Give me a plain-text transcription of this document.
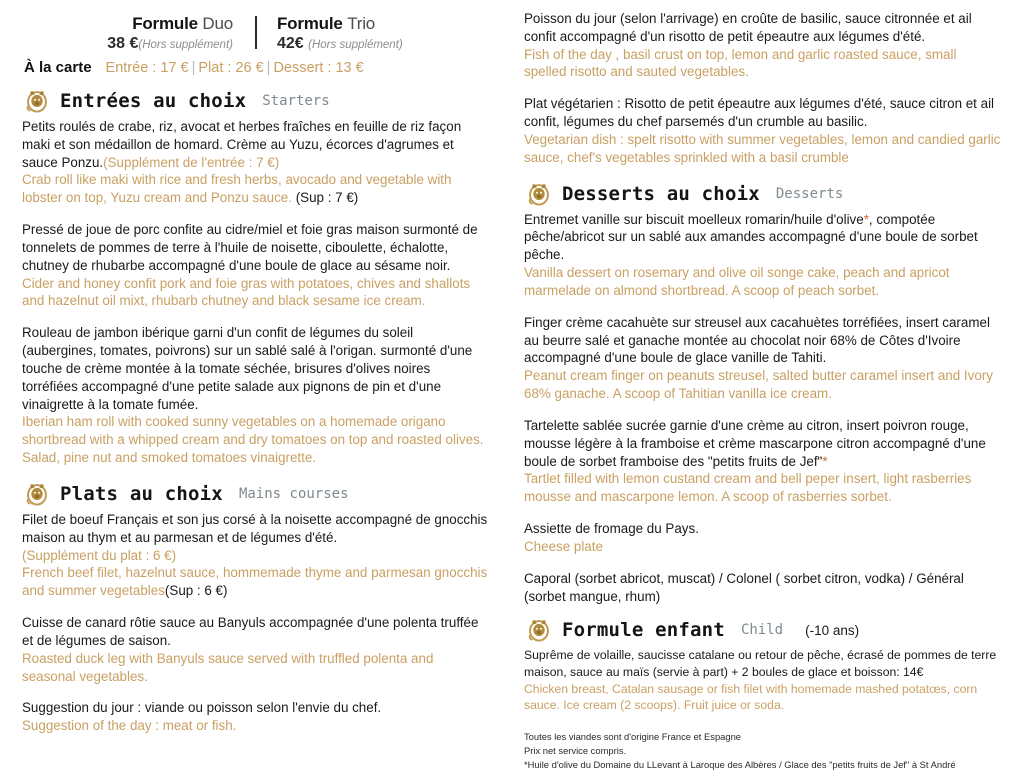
Formule Duo
38 €(Hors supplément)
Formule Trio
42€ (Hors supplément)
À la carte Entrée : 17 € | Plat : 26 € | Dessert : 13 €
Entrées au choix Starters

Petits roulés de crabe, riz, avocat et herbes fraîches en feuille de riz façon maki et son médaillon de homard. Crème au Yuzu, écorces d'agrumes et sauce Ponzu.(Supplément de l'entrée : 7 €)

Crab roll like maki with rice and fresh herbs, avocado and vegetable with lobster on top, Yuzu cream and Ponzu sauce. (Sup : 7 €)

Pressé de joue de porc confite au cidre/miel et foie gras maison surmonté de tonnelets de pommes de terre à l'huile de noisette, ciboulette, échalotte, chutney de rhubarbe accompagné d'une boule de glace au sésame noir.

Cider and honey confit pork and foie gras with potatoes, chives and shallots and hazelnut oil mixt, rhubarb chutney and black sesame ice cream.

Rouleau de jambon ibérique garni d'un confit de légumes du soleil (aubergines, tomates, poivrons) sur un sablé salé à l'origan. surmonté d'une touche de crème montée à la tomate séchée, brisures d'olives noires torréfiées accompagné d'une petite salade aux pignons de pin et d'une vinaigrette à la tomate fumée.

Iberian ham roll with cooked sunny vegetables on a homemade origano shortbread with a whipped cream and dry tomatoes on top and roasted olives. Salad, pine nut and smoked tomatoes vinaigrette.

Plats au choix Mains courses

Filet de boeuf Français et son jus corsé à la noisette accompagné de gnocchis maison au thym et au parmesan et de légumes d'été.
(Supplément du plat : 6 €)

French beef filet, hazelnut sauce, hommemade thyme and parmesan gnocchis and summer vegetables(Sup : 6 €)

Cuisse de canard rôtie sauce au Banyuls accompagnée d'une polenta truffée et de légumes de saison.

Roasted duck leg with Banyuls sauce served with truffled polenta and seasonal vegetables.

Suggestion du jour : viande ou poisson selon l'envie du chef.

Suggestion of the day : meat or fish.

Poisson du jour (selon l'arrivage) en croûte de basilic, sauce citronnée et ail confit accompagné d'un risotto de petit épeautre aux légumes d'été.

Fish of the day , basil crust on top, lemon and garlic roasted sauce, small spelled risotto and sauted vegetables.

Plat végétarien : Risotto de petit épeautre aux légumes d'été, sauce citron et ail confit, légumes du chef parsemés d'un crumble au basilic.

Vegetarian dish : spelt risotto with summer vegetables, lemon and candied garlic sauce, chef's vegetables sprinkled with a basil crumble

Desserts au choix Desserts

Entremet vanille sur biscuit moelleux romarin/huile d'olive*, compotée pêche/abricot sur un sablé aux amandes accompagné d'une boule de sorbet pêche.

Vanilla dessert on rosemary and olive oil songe cake, peach and apricot marmelade on almond shortbread. A scoop of peach sorbet.

Finger crème cacahuète sur streusel aux cacahuètes torréfiées, insert caramel au beurre salé et ganache montée au chocolat noir 68% de Côtes d'Ivoire accompagné d'une boule de glace vanille de Tahiti.

Peanut cream finger on peanuts streusel, salted butter caramel insert and Ivory 68% ganache. A scoop of Tahitian vanilla ice cream.

Tartelette sablée sucrée garnie d'une crème au citron, insert poivron rouge, mousse légère à la framboise et crème mascarpone citron accompagné d'une boule de sorbet framboise des "petits fruits de Jef"*

Tartlet filled with lemon custand cream and bell peper insert, light rasberries mousse and mascarpone lemon. A scoop of rasberries sorbet.

Assiette de fromage du Pays.

Cheese plate

Caporal (sorbet abricot, muscat) / Colonel ( sorbet citron, vodka) / Général (sorbet mangue, rhum)

Formule enfant Child (-10 ans)

Suprême de volaille, saucisse catalane ou retour de pêche, écrasé de pommes de terre maison, sauce au maïs (servie à part) + 2 boules de glace et boisson: 14€

Chicken breast, Catalan sausage or fish filet with homemade mashed potatœs, corn sauce. Ice cream (2 scoops). Fruit juice or soda.

Toutes les viandes sont d'origine France et Espagne

Prix net service compris.

*Huile d'olive du Domaine du LLevant à Laroque des Albères / Glace des "petits fruits de Jef" à St André
